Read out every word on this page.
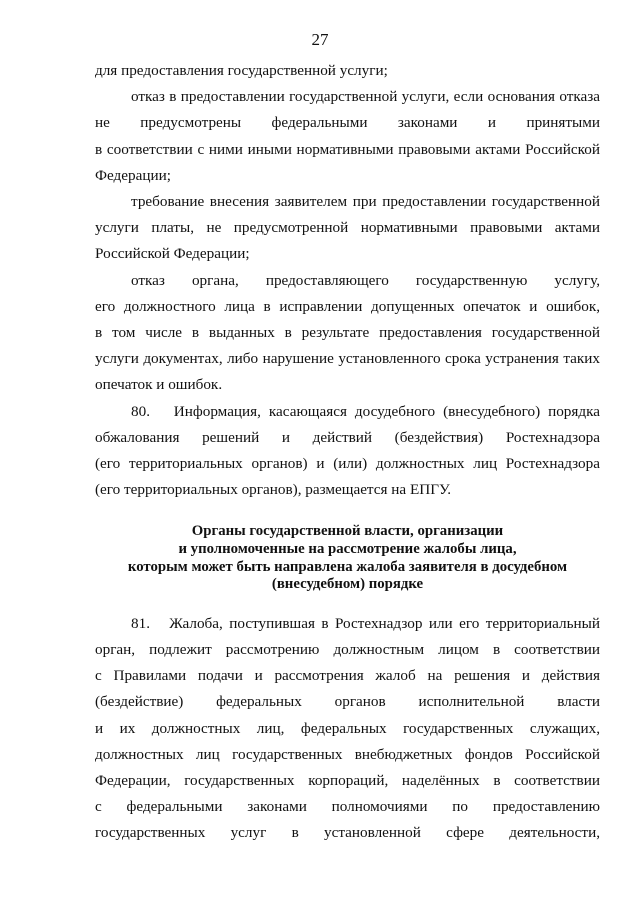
27

для предоставления государственной услуги;

отказ в предоставлении государственной услуги, если основания отказа

не предусмотрены федеральными законами и принятыми

в соответствии с ними иными нормативными правовыми актами Российской

Федерации;

требование внесения заявителем при предоставлении государственной

услуги платы, не предусмотренной нормативными правовыми актами

Российской Федерации;

отказ органа, предоставляющего государственную услугу,

его должностного лица в исправлении допущенных опечаток и ошибок,

в том числе в выданных в результате предоставления государственной

услуги документах, либо нарушение установленного срока устранения таких

опечаток и ошибок.

80.   Информация, касающаяся досудебного (внесудебного) порядка

обжалования решений и действий (бездействия) Ростехнадзора

(его территориальных органов) и (или) должностных лиц Ростехнадзора

(его территориальных органов), размещается на ЕПГУ.

Органы государственной власти, организации

и уполномоченные на рассмотрение жалобы лица,

которым может быть направлена жалоба заявителя в досудебном

(внесудебном) порядке

81.   Жалоба, поступившая в Ростехнадзор или его территориальный

орган, подлежит рассмотрению должностным лицом в соответствии

с Правилами подачи и рассмотрения жалоб на решения и действия

(бездействие) федеральных органов исполнительной власти

и их должностных лиц, федеральных государственных служащих,

должностных лиц государственных внебюджетных фондов Российской

Федерации, государственных корпораций, наделённых в соответствии

с федеральными законами полномочиями по предоставлению

государственных услуг в установленной сфере деятельности,
